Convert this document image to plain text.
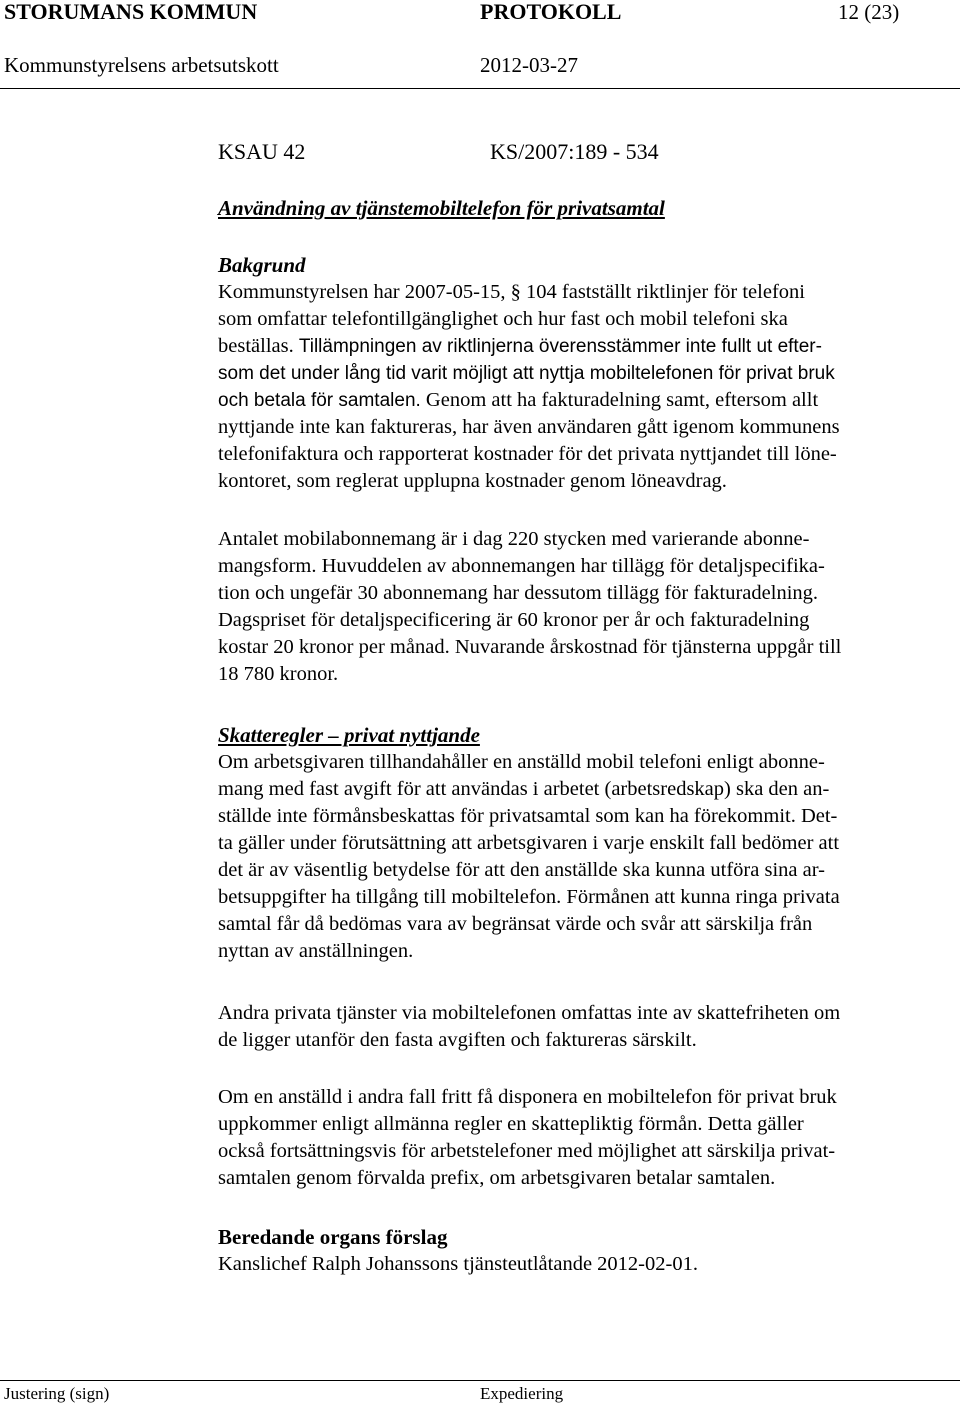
STORUMANS KOMMUN	PROTOKOLL	12 (23)
Kommunstyrelsens arbetsutskott	2012-03-27
KSAU 42	KS/2007:189 - 534
Användning av tjänstemobiltelefon för privatsamtal
Bakgrund
Kommunstyrelsen har 2007-05-15, § 104 fastställt riktlinjer för telefoni
som omfattar telefontillgänglighet och hur fast och mobil telefoni ska
beställas. Tillämpningen av riktlinjerna överensstämmer inte fullt ut efter-
som det under lång tid varit möjligt att nyttja mobiltelefonen för privat bruk
och betala för samtalen. Genom att ha fakturadelning samt, eftersom allt
nyttjande inte kan faktureras, har även användaren gått igenom kommunens
telefonifaktura och rapporterat kostnader för det privata nyttjandet till löne-
kontoret, som reglerat upplupna kostnader genom löneavdrag.
Antalet mobilabonnemang är i dag 220 stycken med varierande abonne-
mangsform. Huvuddelen av abonnemangen har tillägg för detaljspecifika-
tion och ungefär 30 abonnemang har dessutom tillägg för fakturadelning.
Dagspriset för detaljspecificering är 60 kronor per år och fakturadelning
kostar 20 kronor per månad. Nuvarande årskostnad för tjänsterna uppgår till
18 780 kronor.
Skatteregler – privat nyttjande
Om arbetsgivaren tillhandahåller en anställd mobil telefoni enligt abonne-
mang med fast avgift för att användas i arbetet (arbetsredskap) ska den an-
ställde inte förmånsbeskattas för privatsamtal som kan ha förekommit. Det-
ta gäller under förutsättning att arbetsgivaren i varje enskilt fall bedömer att
det är av väsentlig betydelse för att den anställde ska kunna utföra sina ar-
betsuppgifter ha tillgång till mobiltelefon. Förmånen att kunna ringa privata
samtal får då bedömas vara av begränsat värde och svår att särskilja från
nyttan av anställningen.
Andra privata tjänster via mobiltelefonen omfattas inte av skattefriheten om
de ligger utanför den fasta avgiften och faktureras särskilt.
Om en anställd i andra fall fritt få disponera en mobiltelefon för privat bruk
uppkommer enligt allmänna regler en skattepliktig förmån. Detta gäller
också fortsättningsvis för arbetstelefoner med möjlighet att särskilja privat-
samtalen genom förvalda prefix, om arbetsgivaren betalar samtalen.
Beredande organs förslag
Kanslichef Ralph Johanssons tjänsteutlåtande 2012-02-01.
Justering (sign)	Expediering
